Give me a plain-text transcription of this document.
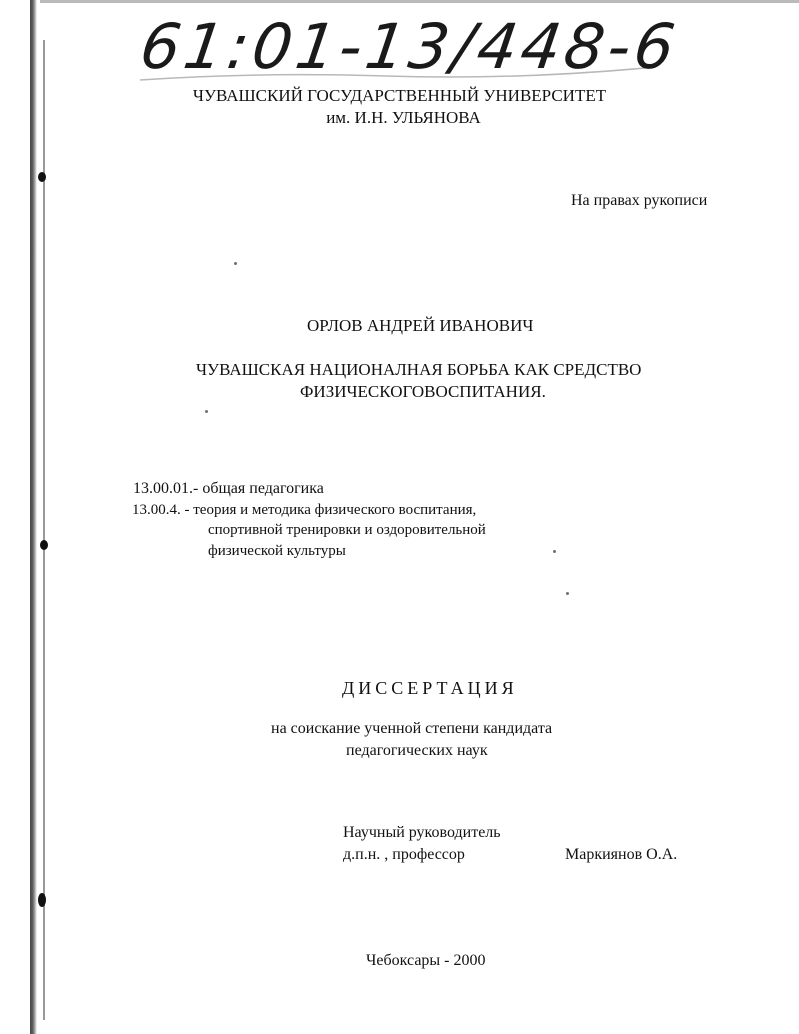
61:01-13/448-6
ЧУВАШСКИЙ ГОСУДАРСТВЕННЫЙ УНИВЕРСИТЕТ
им. И.Н. УЛЬЯНОВА
На правах рукописи
ОРЛОВ АНДРЕЙ ИВАНОВИЧ
ЧУВАШСКАЯ НАЦИОНАЛНАЯ БОРЬБА КАК СРЕДСТВО
ФИЗИЧЕСКОГОВОСПИТАНИЯ.
13.00.01.- общая педагогика
13.00.4. - теория и методика физического воспитания,
спортивной тренировки и оздоровительной
физической культуры
ДИССЕРТАЦИЯ
на соискание ученной степени кандидата
педагогических наук
Научный руководитель
д.п.н. , профессор	Маркиянов О.А.
Чебоксары - 2000
